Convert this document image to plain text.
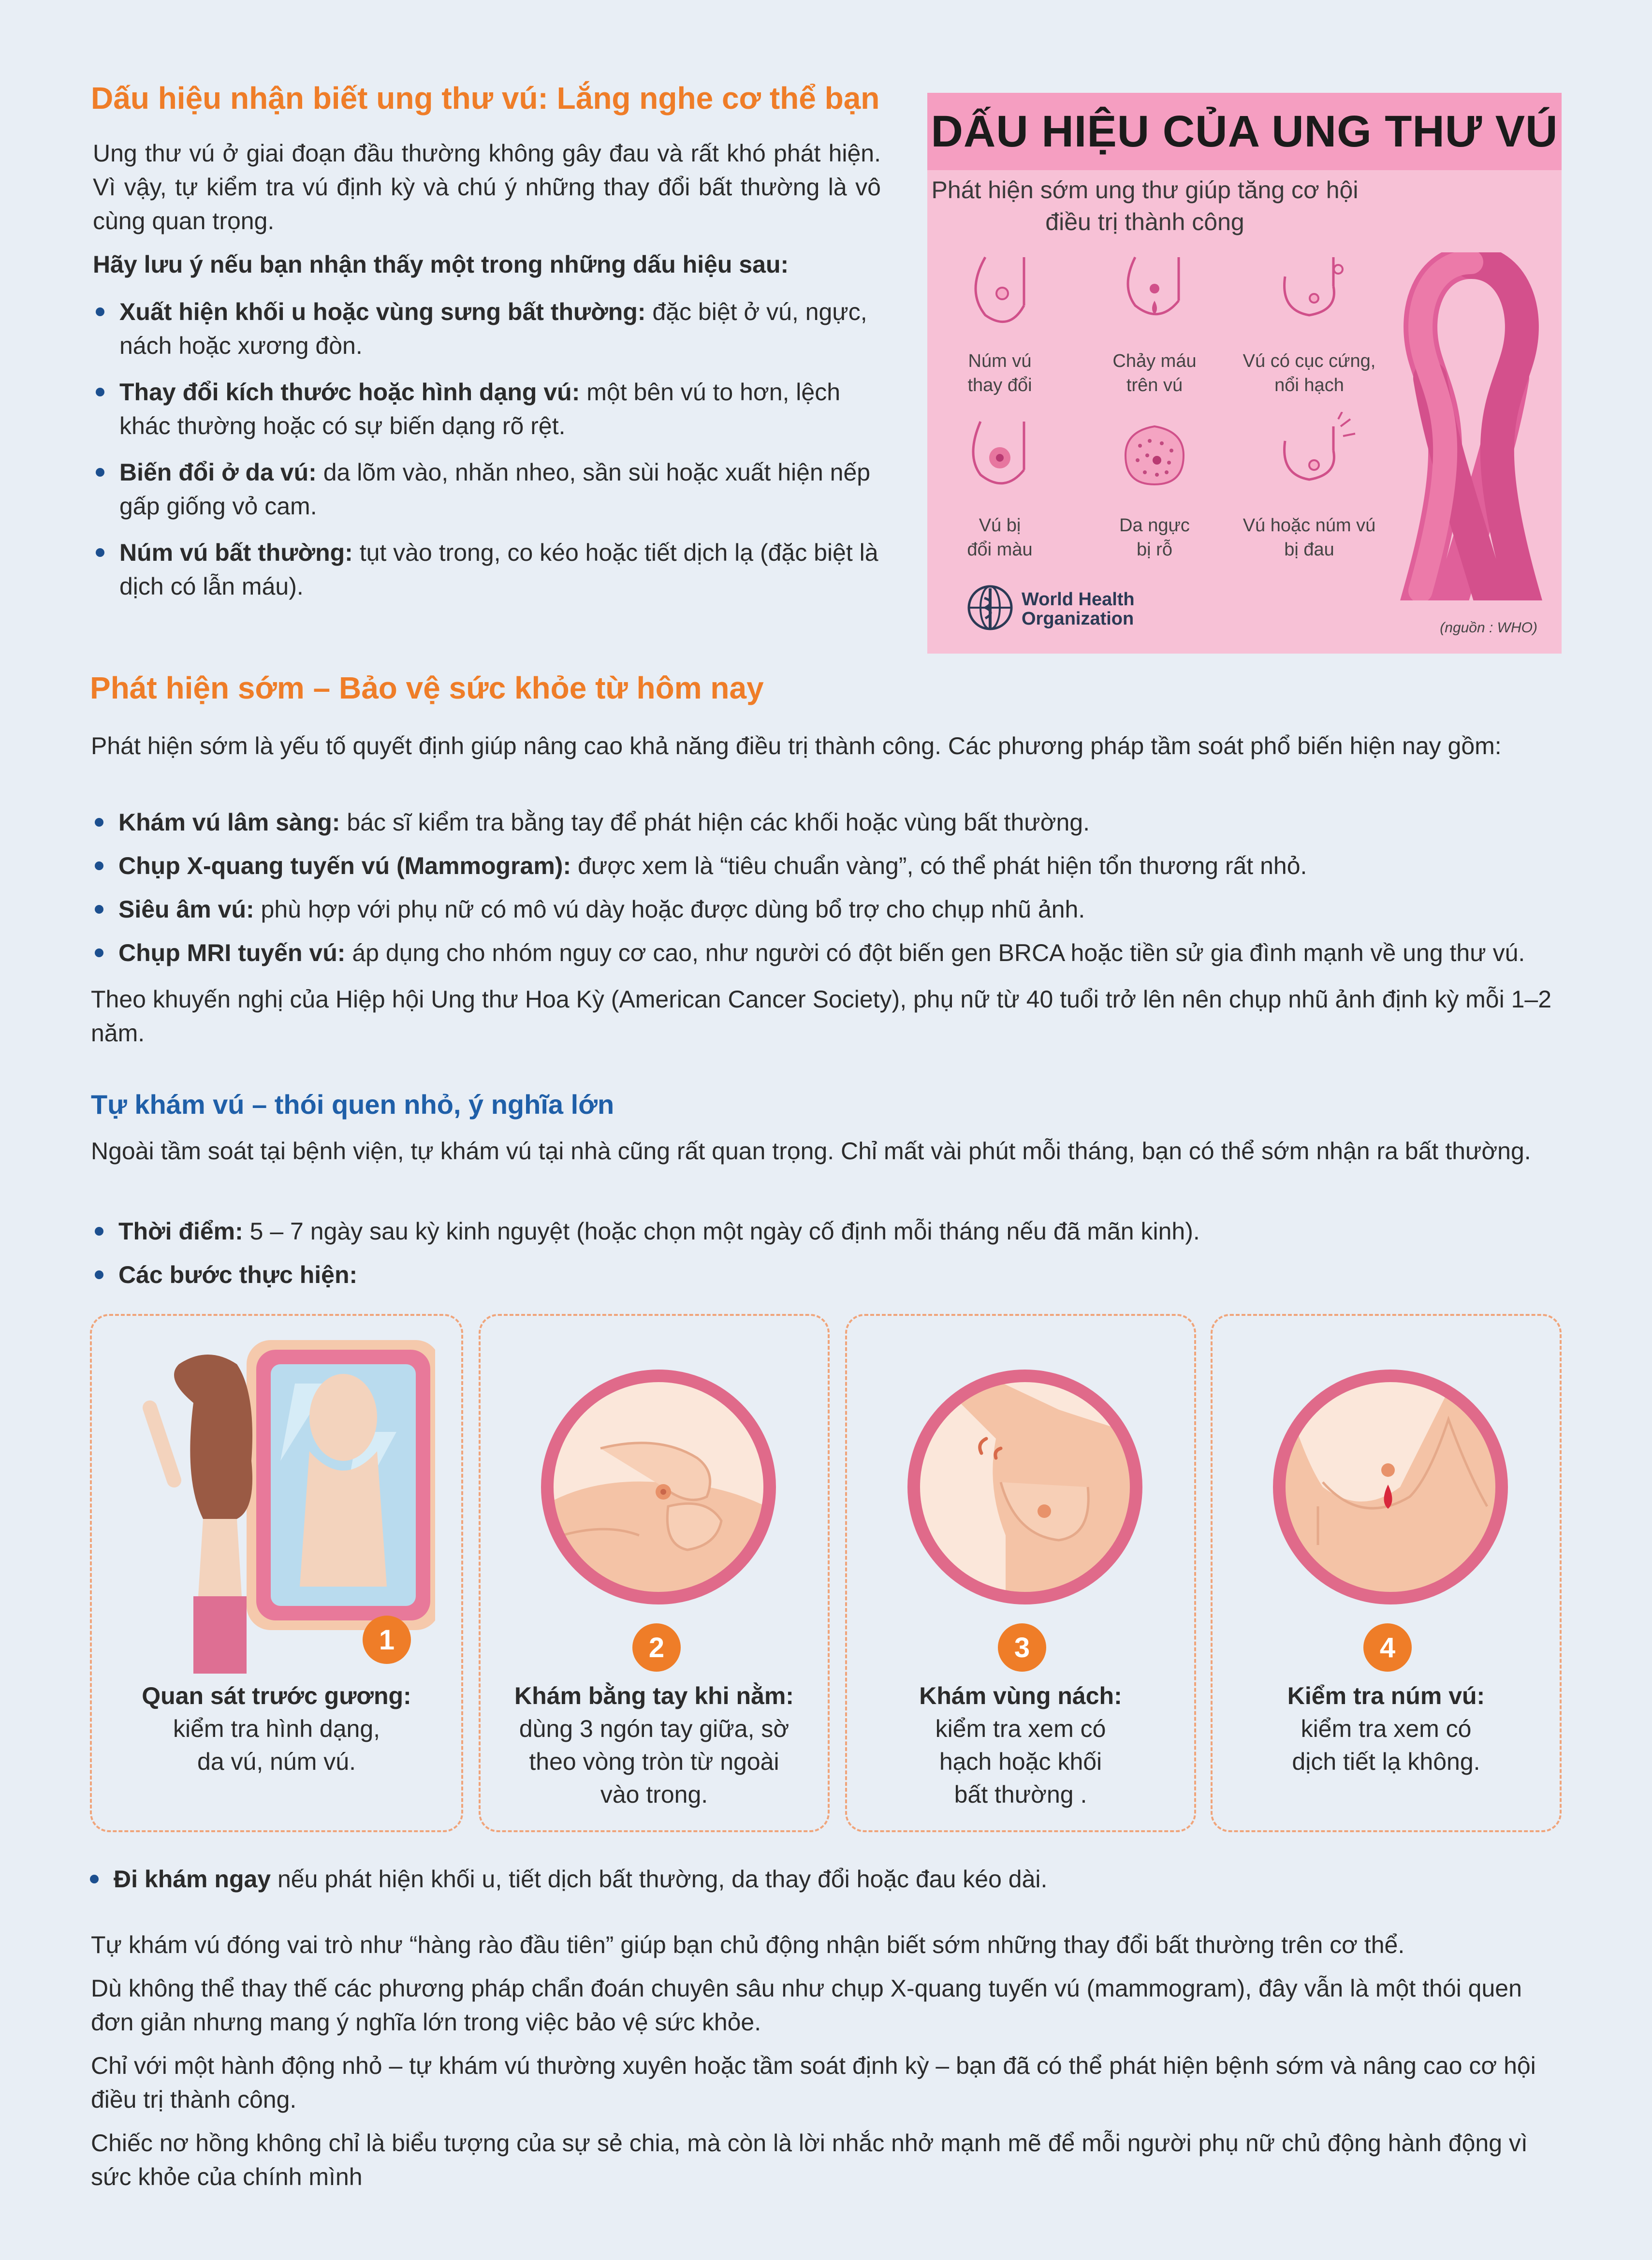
Dấu hiệu nhận biết ung thư vú: Lắng nghe cơ thể bạn

Ung thư vú ở giai đoạn đầu thường không gây đau và rất khó phát hiện. Vì vậy, tự kiểm tra vú định kỳ và chú ý những thay đổi bất thường là vô cùng quan trọng.

Hãy lưu ý nếu bạn nhận thấy một trong những dấu hiệu sau:

Xuất hiện khối u hoặc vùng sưng bất thường: đặc biệt ở vú, ngực, nách hoặc xương đòn.
Thay đổi kích thước hoặc hình dạng vú: một bên vú to hơn, lệch khác thường hoặc có sự biến dạng rõ rệt.
Biến đổi ở da vú: da lõm vào, nhăn nheo, sần sùi hoặc xuất hiện nếp gấp giống vỏ cam.
Núm vú bất thường: tụt vào trong, co kéo hoặc tiết dịch lạ (đặc biệt là dịch có lẫn máu).
DẤU HIỆU CỦA UNG THƯ VÚ
Phát hiện sớm ung thư giúp tăng cơ hội điều trị thành công
Núm vú
thay đổi
Chảy máu
trên vú
Vú có cục cứng,
nổi hạch
Vú bị
đổi màu
Da ngực
bị rỗ
Vú hoặc núm vú
bị đau
World Health
Organization	(nguồn : WHO)
Phát hiện sớm – Bảo vệ sức khỏe từ hôm nay

Phát hiện sớm là yếu tố quyết định giúp nâng cao khả năng điều trị thành công. Các phương pháp tầm soát phổ biến hiện nay gồm:

Khám vú lâm sàng: bác sĩ kiểm tra bằng tay để phát hiện các khối hoặc vùng bất thường.
Chụp X-quang tuyến vú (Mammogram): được xem là “tiêu chuẩn vàng”, có thể phát hiện tổn thương rất nhỏ.
Siêu âm vú: phù hợp với phụ nữ có mô vú dày hoặc được dùng bổ trợ cho chụp nhũ ảnh.
Chụp MRI tuyến vú: áp dụng cho nhóm nguy cơ cao, như người có đột biến gen BRCA hoặc tiền sử gia đình mạnh về ung thư vú.

Theo khuyến nghị của Hiệp hội Ung thư Hoa Kỳ (American Cancer Society), phụ nữ từ 40 tuổi trở lên nên chụp nhũ ảnh định kỳ mỗi 1–2 năm.

Tự khám vú – thói quen nhỏ, ý nghĩa lớn

Ngoài tầm soát tại bệnh viện, tự khám vú tại nhà cũng rất quan trọng. Chỉ mất vài phút mỗi tháng, bạn có thể sớm nhận ra bất thường.

Thời điểm: 5 – 7 ngày sau kỳ kinh nguyệt (hoặc chọn một ngày cố định mỗi tháng nếu đã mãn kinh).
Các bước thực hiện:
1
Quan sát trước gương:
kiểm tra hình dạng,
da vú, núm vú.
2
Khám bằng tay khi nằm:
dùng 3 ngón tay giữa, sờ
theo vòng tròn từ ngoài
vào trong.
3
Khám vùng nách:
kiểm tra xem có
hạch hoặc khối
bất thường .
4
Kiểm tra núm vú:
kiểm tra xem có
dịch tiết lạ không.
Đi khám ngay nếu phát hiện khối u, tiết dịch bất thường, da thay đổi hoặc đau kéo dài.

Tự khám vú đóng vai trò như “hàng rào đầu tiên” giúp bạn chủ động nhận biết sớm những thay đổi bất thường trên cơ thể.

Dù không thể thay thế các phương pháp chẩn đoán chuyên sâu như chụp X-quang tuyến vú (mammogram), đây vẫn là một thói quen đơn giản nhưng mang ý nghĩa lớn trong việc bảo vệ sức khỏe.

Chỉ với một hành động nhỏ – tự khám vú thường xuyên hoặc tầm soát định kỳ – bạn đã có thể phát hiện bệnh sớm và nâng cao cơ hội điều trị thành công.

Chiếc nơ hồng không chỉ là biểu tượng của sự sẻ chia, mà còn là lời nhắc nhở mạnh mẽ để mỗi người phụ nữ chủ động hành động vì sức khỏe của chính mình
